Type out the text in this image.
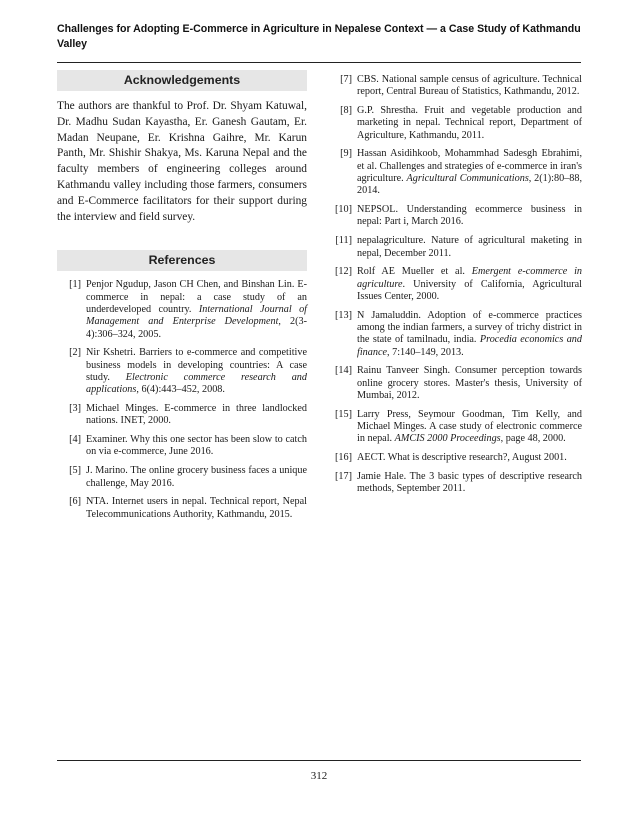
Challenges for Adopting E-Commerce in Agriculture in Nepalese Context — a Case Study of Kathmandu Valley
Acknowledgements

The authors are thankful to Prof. Dr. Shyam Katuwal, Dr. Madhu Sudan Kayastha, Er. Ganesh Gautam, Er. Madan Neupane, Er. Krishna Gaihre, Mr. Karun Panth, Mr. Shishir Shakya, Ms. Karuna Nepal and the faculty members of engineering colleges around Kathmandu valley including those farmers, consumers and E-Commerce facilitators for their support during the interview and field survey.

References
[1] Penjor Ngudup, Jason CH Chen, and Binshan Lin. E-commerce in nepal: a case study of an underdeveloped country. International Journal of Management and Enterprise Development, 2(3-4):306–324, 2005.
[2] Nir Kshetri. Barriers to e-commerce and competitive business models in developing countries: A case study. Electronic commerce research and applications, 6(4):443–452, 2008.
[3] Michael Minges. E-commerce in three landlocked nations. INET, 2000.
[4] Examiner. Why this one sector has been slow to catch on via e-commerce, June 2016.
[5] J. Marino. The online grocery business faces a unique challenge, May 2016.
[6] NTA. Internet users in nepal. Technical report, Nepal Telecommunications Authority, Kathmandu, 2015.
[7] CBS. National sample census of agriculture. Technical report, Central Bureau of Statistics, Kathmandu, 2012.
[8] G.P. Shrestha. Fruit and vegetable production and marketing in nepal. Technical report, Department of Agriculture, Kathmandu, 2011.
[9] Hassan Asidihkoob, Mohammhad Sadesgh Ebrahimi, et al. Challenges and strategies of e-commerce in iran's agriculture. Agricultural Communications, 2(1):80–88, 2014.
[10] NEPSOL. Understanding ecommerce business in nepal: Part i, March 2016.
[11] nepalagriculture. Nature of agricultural maketing in nepal, December 2011.
[12] Rolf AE Mueller et al. Emergent e-commerce in agriculture. University of California, Agricultural Issues Center, 2000.
[13] N Jamaluddin. Adoption of e-commerce practices among the indian farmers, a survey of trichy district in the state of tamilnadu, india. Procedia economics and finance, 7:140–149, 2013.
[14] Rainu Tanveer Singh. Consumer perception towards online grocery stores. Master's thesis, University of Mumbai, 2012.
[15] Larry Press, Seymour Goodman, Tim Kelly, and Michael Minges. A case study of electronic commerce in nepal. AMCIS 2000 Proceedings, page 48, 2000.
[16] AECT. What is descriptive research?, August 2001.
[17] Jamie Hale. The 3 basic types of descriptive research methods, September 2011.
312
